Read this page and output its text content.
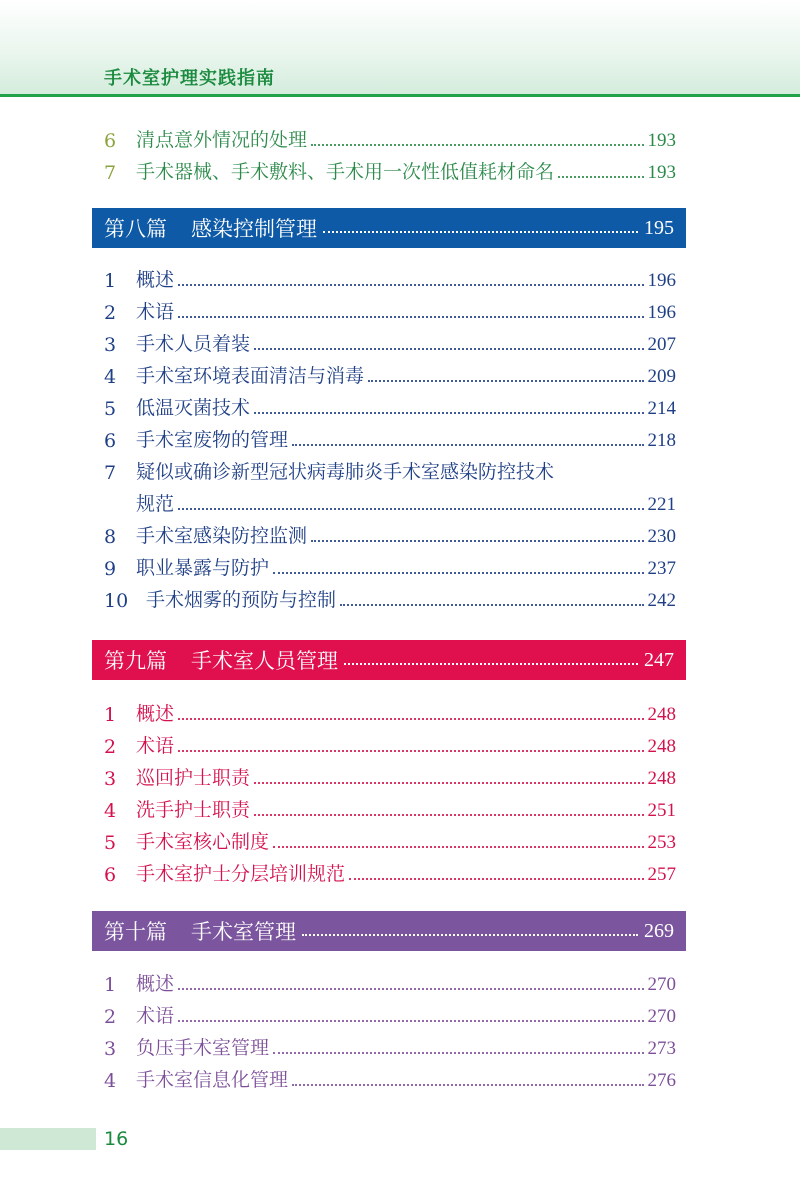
手术室护理实践指南
6	清点意外情况的处理	193
7	手术器械、手术敷料、手术用一次性低值耗材命名	193
第八篇 感染控制管理	195
1	概述	196
2	术语	196
3	手术人员着装	207
4	手术室环境表面清洁与消毒	209
5	低温灭菌技术	214
6	手术室废物的管理	218
7	疑似或确诊新型冠状病毒肺炎手术室感染防控技术
规范	221
8	手术室感染防控监测	230
9	职业暴露与防护	237
10 手术烟雾的预防与控制	242
第九篇 手术室人员管理	247
1	概述	248
2	术语	248
3	巡回护士职责	248
4	洗手护士职责	251
5	手术室核心制度	253
6	手术室护士分层培训规范	257
第十篇 手术室管理	269
1	概述	270
2	术语	270
3	负压手术室管理	273
4	手术室信息化管理	276
16
